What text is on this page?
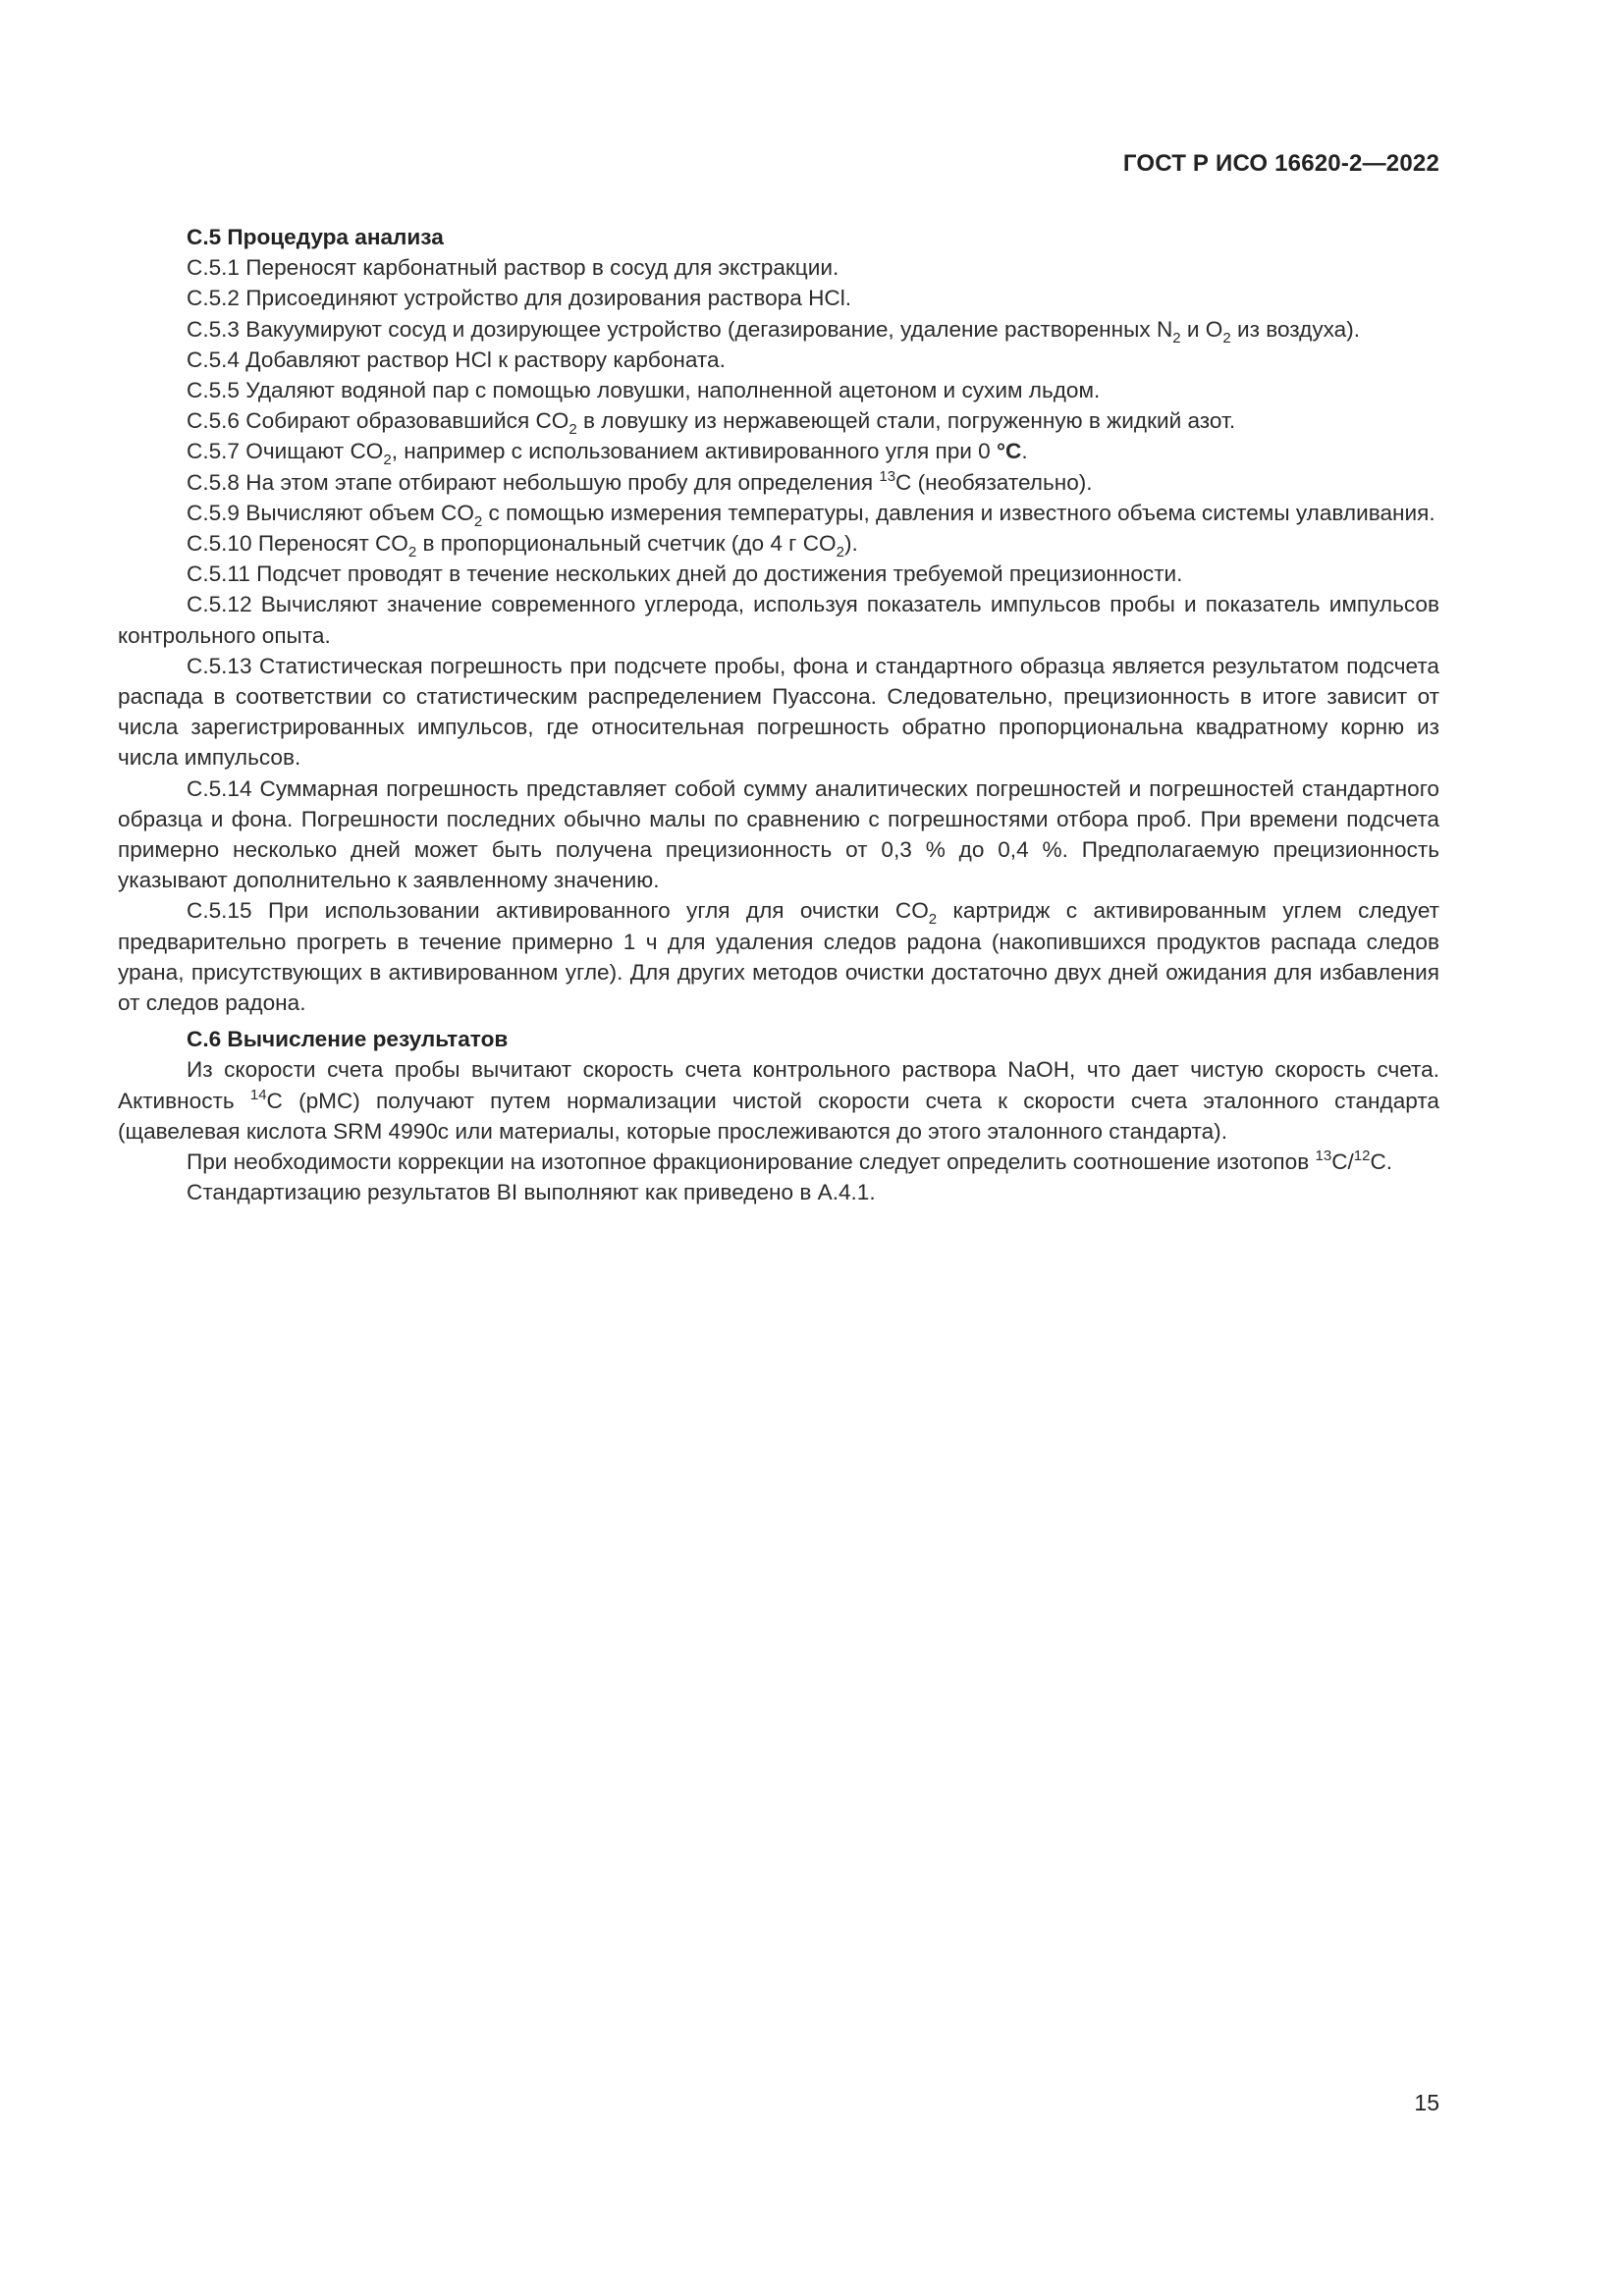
ГОСТ Р ИСО 16620-2—2022

С.5 Процедура анализа

С.5.1 Переносят карбонатный раствор в сосуд для экстракции.

С.5.2 Присоединяют устройство для дозирования раствора HCl.

С.5.3 Вакуумируют сосуд и дозирующее устройство (дегазирование, удаление растворенных $N_2$ и $O_2$ из воздуха).

С.5.4 Добавляют раствор HCl к раствору карбоната.

С.5.5 Удаляют водяной пар с помощью ловушки, наполненной ацетоном и сухим льдом.

С.5.6 Собирают образовавшийся $CO_2$ в ловушку из нержавеющей стали, погруженную в жидкий азот.

С.5.7 Очищают $CO_2$, например с использованием активированного угля при 0 °C.

С.5.8 На этом этапе отбирают небольшую пробу для определения $^{13}$C (необязательно).

С.5.9 Вычисляют объем $CO_2$ с помощью измерения температуры, давления и известного объема системы улавливания.

С.5.10 Переносят $CO_2$ в пропорциональный счетчик (до 4 г $CO_2$).

С.5.11 Подсчет проводят в течение нескольких дней до достижения требуемой прецизионности.

С.5.12 Вычисляют значение современного углерода, используя показатель импульсов пробы и показатель импульсов контрольного опыта.

С.5.13 Статистическая погрешность при подсчете пробы, фона и стандартного образца является результатом подсчета распада в соответствии со статистическим распределением Пуассона. Следовательно, прецизионность в итоге зависит от числа зарегистрированных импульсов, где относительная погрешность обратно пропорциональна квадратному корню из числа импульсов.

С.5.14 Суммарная погрешность представляет собой сумму аналитических погрешностей и погрешностей стандартного образца и фона. Погрешности последних обычно малы по сравнению с погрешностями отбора проб. При времени подсчета примерно несколько дней может быть получена прецизионность от 0,3 % до 0,4 %. Предполагаемую прецизионность указывают дополнительно к заявленному значению.

С.5.15 При использовании активированного угля для очистки $CO_2$ картридж с активированным углем следует предварительно прогреть в течение примерно 1 ч для удаления следов радона (накопившихся продуктов распада следов урана, присутствующих в активированном угле). Для других методов очистки достаточно двух дней ожидания для избавления от следов радона.

С.6 Вычисление результатов

Из скорости счета пробы вычитают скорость счета контрольного раствора NaOH, что дает чистую скорость счета. Активность $^{14}$C (pMC) получают путем нормализации чистой скорости счета к скорости счета эталонного стандарта (щавелевая кислота SRM 4990с или материалы, которые прослеживаются до этого эталонного стандарта).

При необходимости коррекции на изотопное фракционирование следует определить соотношение изотопов $^{13}$C/$^{12}$C.

Стандартизацию результатов BI выполняют как приведено в А.4.1.

15
